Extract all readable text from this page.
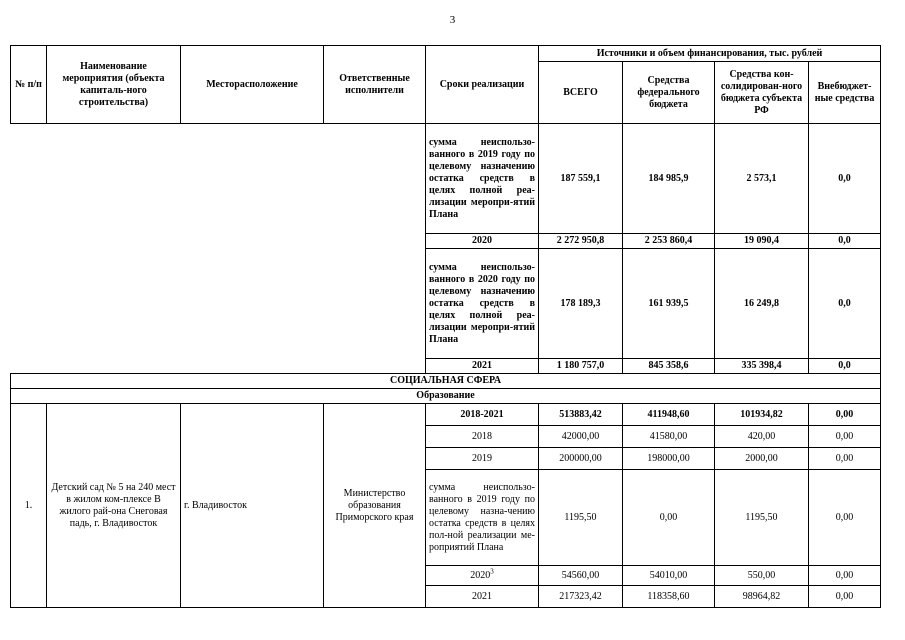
3
№ п/п	Наименование мероприятия (объекта капиталь-ного строительства)	Месторасположение	Ответственные исполнители	Сроки реализации	Источники и объем финансирования, тыс. рублей			
					ВСЕГО	Средства федерального бюджета	Средства кон-солидирован-ного бюджета субъекта РФ	Внебюджет-ные средства
				сумма неиспользо-ванного в 2019 году по целевому назначению остатка средств в целях полной реа-лизации меропри-ятий Плана	187 559,1	184 985,9	2 573,1	0,0
				2020	2 272 950,8	2 253 860,4	19 090,4	0,0
				сумма неиспользо-ванного в 2020 году по целевому назначению остатка средств в целях полной реа-лизации меропри-ятий Плана	178 189,3	161 939,5	16 249,8	0,0
				2021	1 180 757,0	845 358,6	335 398,4	0,0
СОЦИАЛЬНАЯ СФЕРА								
Образование								
1.	Детский сад № 5 на 240 мест в жилом ком-плексе В жилого рай-она Снеговая падь, г. Владивосток	г. Владивосток	Министерство образования Приморского края	2018-2021	513883,42	411948,60	101934,82	0,00
				2018	42000,00	41580,00	420,00	0,00
				2019	200000,00	198000,00	2000,00	0,00
				сумма неиспользо-ванного в 2019 году по целевому назна-чению остатка средств в целях пол-ной реализации ме-роприятий Плана	1195,50	0,00	1195,50	0,00
				2020$^3$	54560,00	54010,00	550,00	0,00
				2021	217323,42	118358,60	98964,82	0,00
